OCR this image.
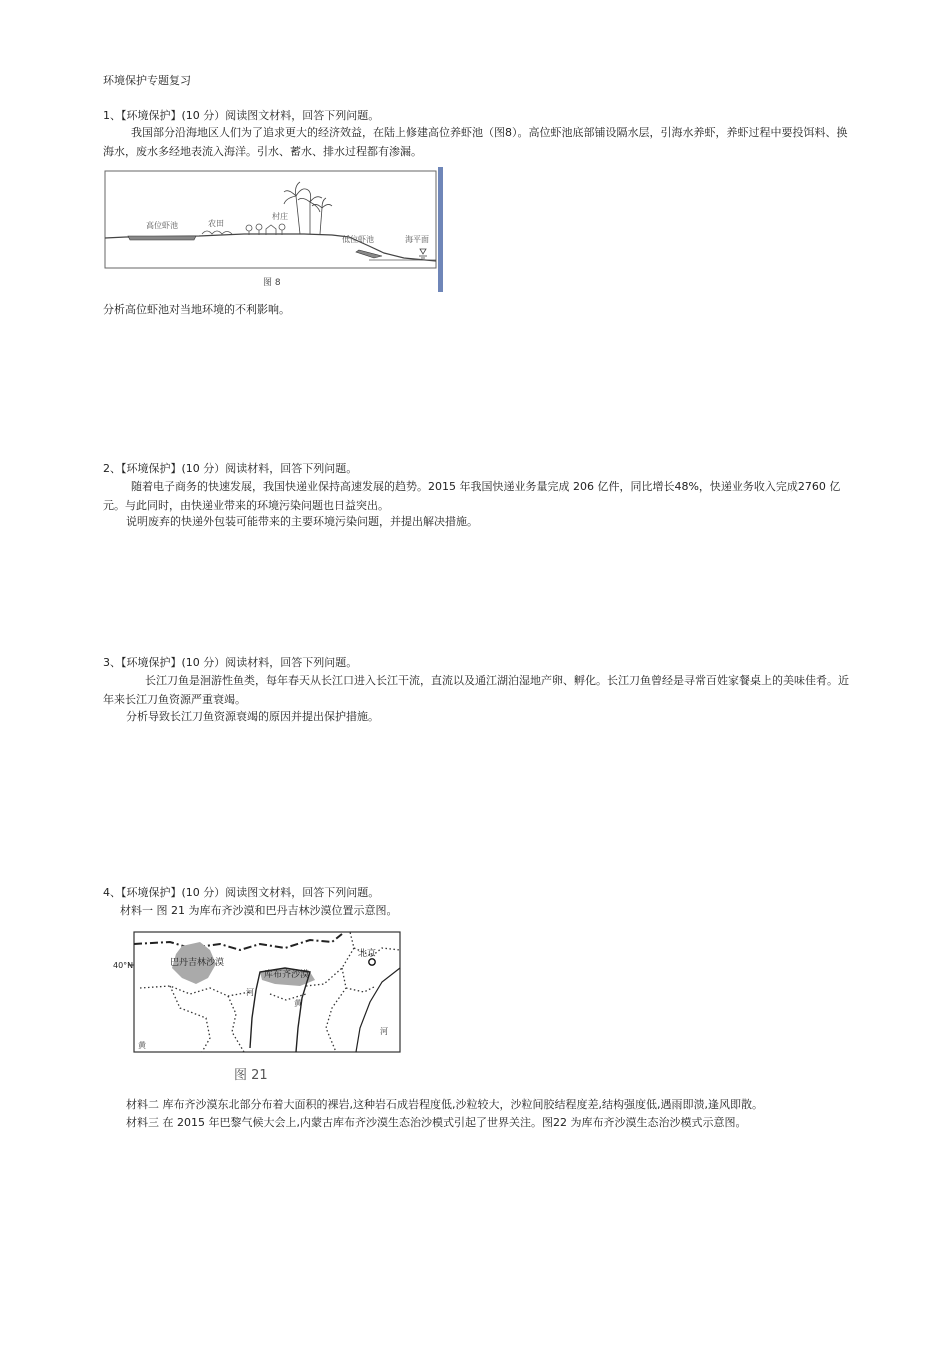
环境保护专题复习
1、【环境保护】(10 分）阅读图文材料，回答下列问题。

我国部分沿海地区人们为了追求更大的经济效益，在陆上修建高位养虾池（图8）。高位虾池底部铺设隔水层，引海水养虾，养虾过程中要投饵料、换海水，废水多经地表流入海洋。引水、蓄水、排水过程都有渗漏。

高位虾池	农田
村庄
低位虾池	海平面
图 8
分析高位虾池对当地环境的不利影响。
2、【环境保护】(10 分）阅读材料，回答下列问题。

随着电子商务的快速发展，我国快递业保持高速发展的趋势。2015 年我国快递业务量完成 206 亿件，同比增长48%，快递业务收入完成2760 亿元。与此同时，由快递业带来的环境污染问题也日益突出。

说明废弃的快递外包装可能带来的主要环境污染问题，并提出解决措施。
3、【环境保护】(10 分）阅读材料，回答下列问题。

长江刀鱼是洄游性鱼类，每年春天从长江口进入长江干流，直流以及通江湖泊湿地产卵、孵化。长江刀鱼曾经是寻常百姓家餐桌上的美味佳肴。近年来长江刀鱼资源严重衰竭。

分析导致长江刀鱼资源衰竭的原因并提出保护措施。
4、【环境保护】(10 分）阅读图文材料，回答下列问题。
材料一 图 21 为库布齐沙漠和巴丹吉林沙漠位置示意图。
40°N	巴丹吉林沙漠
库布齐沙漠
北京
河
黄
河
黄
图 21
材料二 库布齐沙漠东北部分布着大面积的裸岩,这种岩石成岩程度低,沙粒较大，沙粒间胶结程度差,结构强度低,遇雨即溃,逢风即散。
材料三 在 2015 年巴黎气候大会上,内蒙古库布齐沙漠生态治沙模式引起了世界关注。图22 为库布齐沙漠生态治沙模式示意图。
